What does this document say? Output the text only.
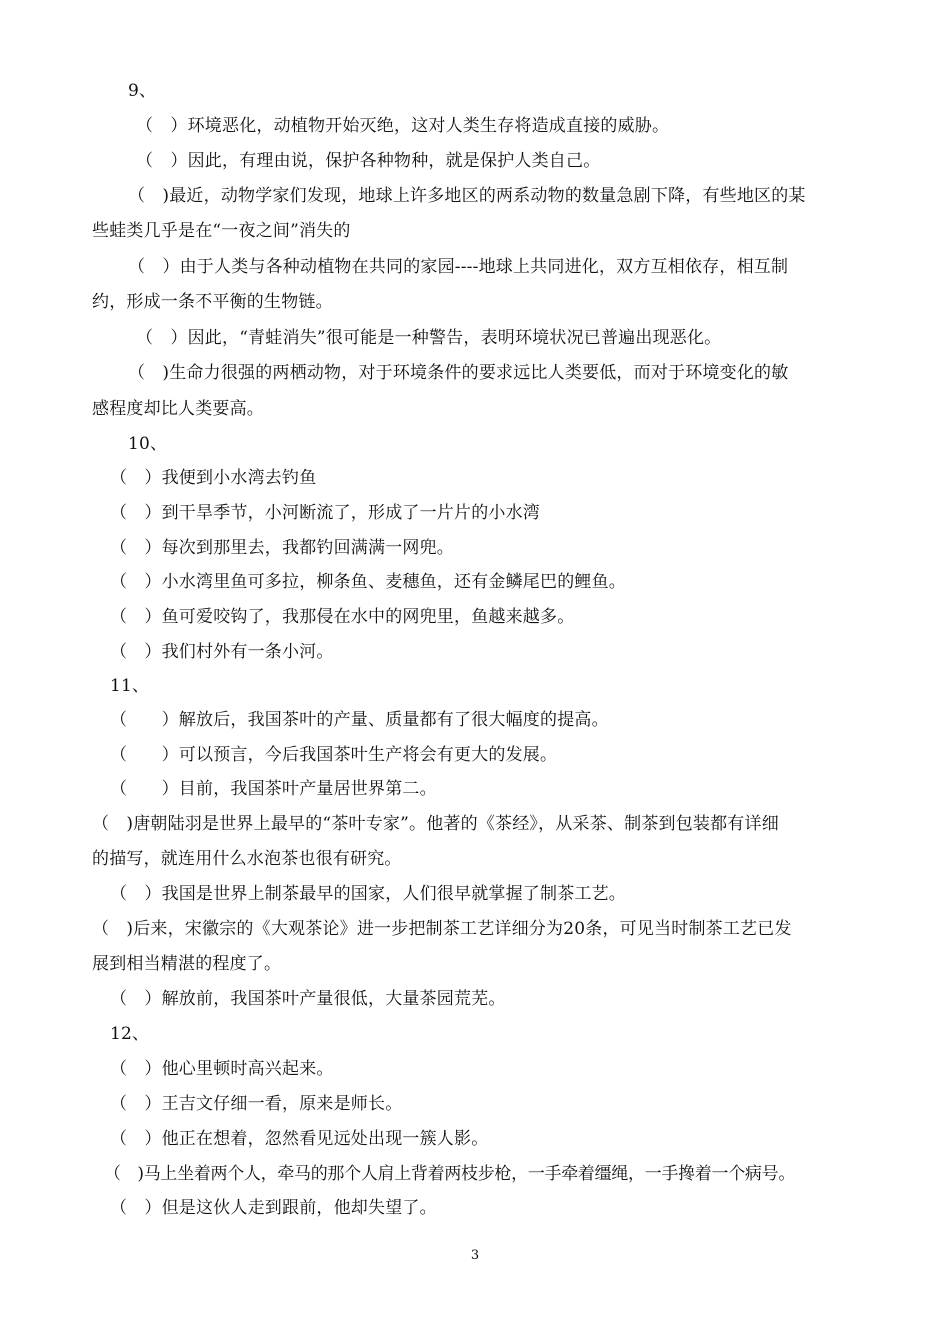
9、
（　）环境恶化，动植物开始灭绝，这对人类生存将造成直接的威胁。
（　）因此，有理由说，保护各种物种，就是保护人类自己。
（　)最近，动物学家们发现，地球上许多地区的两系动物的数量急剧下降，有些地区的某
些蛙类几乎是在“一夜之间”消失的
（　）由于人类与各种动植物在共同的家园----地球上共同进化，双方互相依存，相互制
约，形成一条不平衡的生物链。
（　）因此，“青蛙消失”很可能是一种警告，表明环境状况已普遍出现恶化。
（　)生命力很强的两栖动物，对于环境条件的要求远比人类要低，而对于环境变化的敏
感程度却比人类要高。
10、
（　）我便到小水湾去钓鱼
（　）到干旱季节，小河断流了，形成了一片片的小水湾
（　）每次到那里去，我都钓回满满一网兜。
（　）小水湾里鱼可多拉，柳条鱼、麦穗鱼，还有金鳞尾巴的鲤鱼。
（　）鱼可爱咬钩了，我那侵在水中的网兜里，鱼越来越多。
（　）我们村外有一条小河。
11、
（　　）解放后，我国茶叶的产量、质量都有了很大幅度的提高。
（　　）可以预言，今后我国茶叶生产将会有更大的发展。
（　　）目前，我国茶叶产量居世界第二。
（　)唐朝陆羽是世界上最早的“茶叶专家”。他著的《茶经》，从采茶、制茶到包装都有详细
的描写，就连用什么水泡茶也很有研究。
（　）我国是世界上制茶最早的国家，人们很早就掌握了制茶工艺。
（　)后来，宋徽宗的《大观茶论》进一步把制茶工艺详细分为20条，可见当时制茶工艺已发
展到相当精湛的程度了。
（　）解放前，我国茶叶产量很低，大量茶园荒芜。
12、
（　）他心里顿时高兴起来。
（　）王吉文仔细一看，原来是师长。
（　）他正在想着，忽然看见远处出现一簇人影。
（　)马上坐着两个人，牵马的那个人肩上背着两枝步枪，一手牵着缰绳，一手搀着一个病号。
（　）但是这伙人走到跟前，他却失望了。
3
